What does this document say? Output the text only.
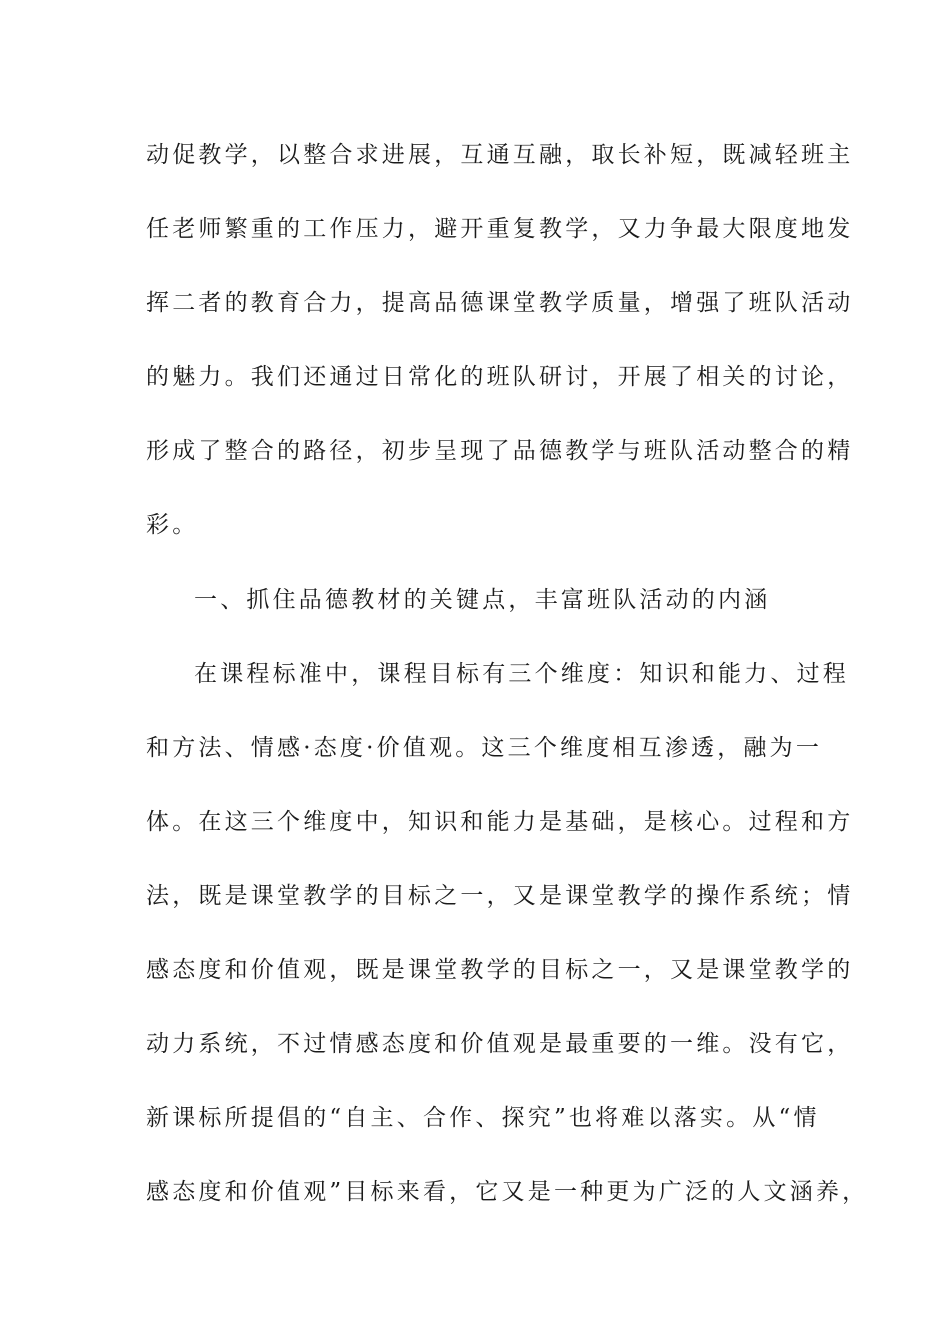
动促教学，以整合求进展，互通互融，取长补短，既减轻班主
任老师繁重的工作压力，避开重复教学，又力争最大限度地发
挥二者的教育合力，提高品德课堂教学质量，增强了班队活动
的魅力。我们还通过日常化的班队研讨，开展了相关的讨论，
形成了整合的路径，初步呈现了品德教学与班队活动整合的精
彩。
一、抓住品德教材的关键点，丰富班队活动的内涵
在课程标准中，课程目标有三个维度：知识和能力、过程
和方法、情感·态度·价值观。这三个维度相互渗透，融为一
体。在这三个维度中，知识和能力是基础，是核心。过程和方
法，既是课堂教学的目标之一，又是课堂教学的操作系统；情
感态度和价值观，既是课堂教学的目标之一，又是课堂教学的
动力系统，不过情感态度和价值观是最重要的一维。没有它，
新课标所提倡的“自主、合作、探究”也将难以落实。从“情
感态度和价值观”目标来看，它又是一种更为广泛的人文涵养，
